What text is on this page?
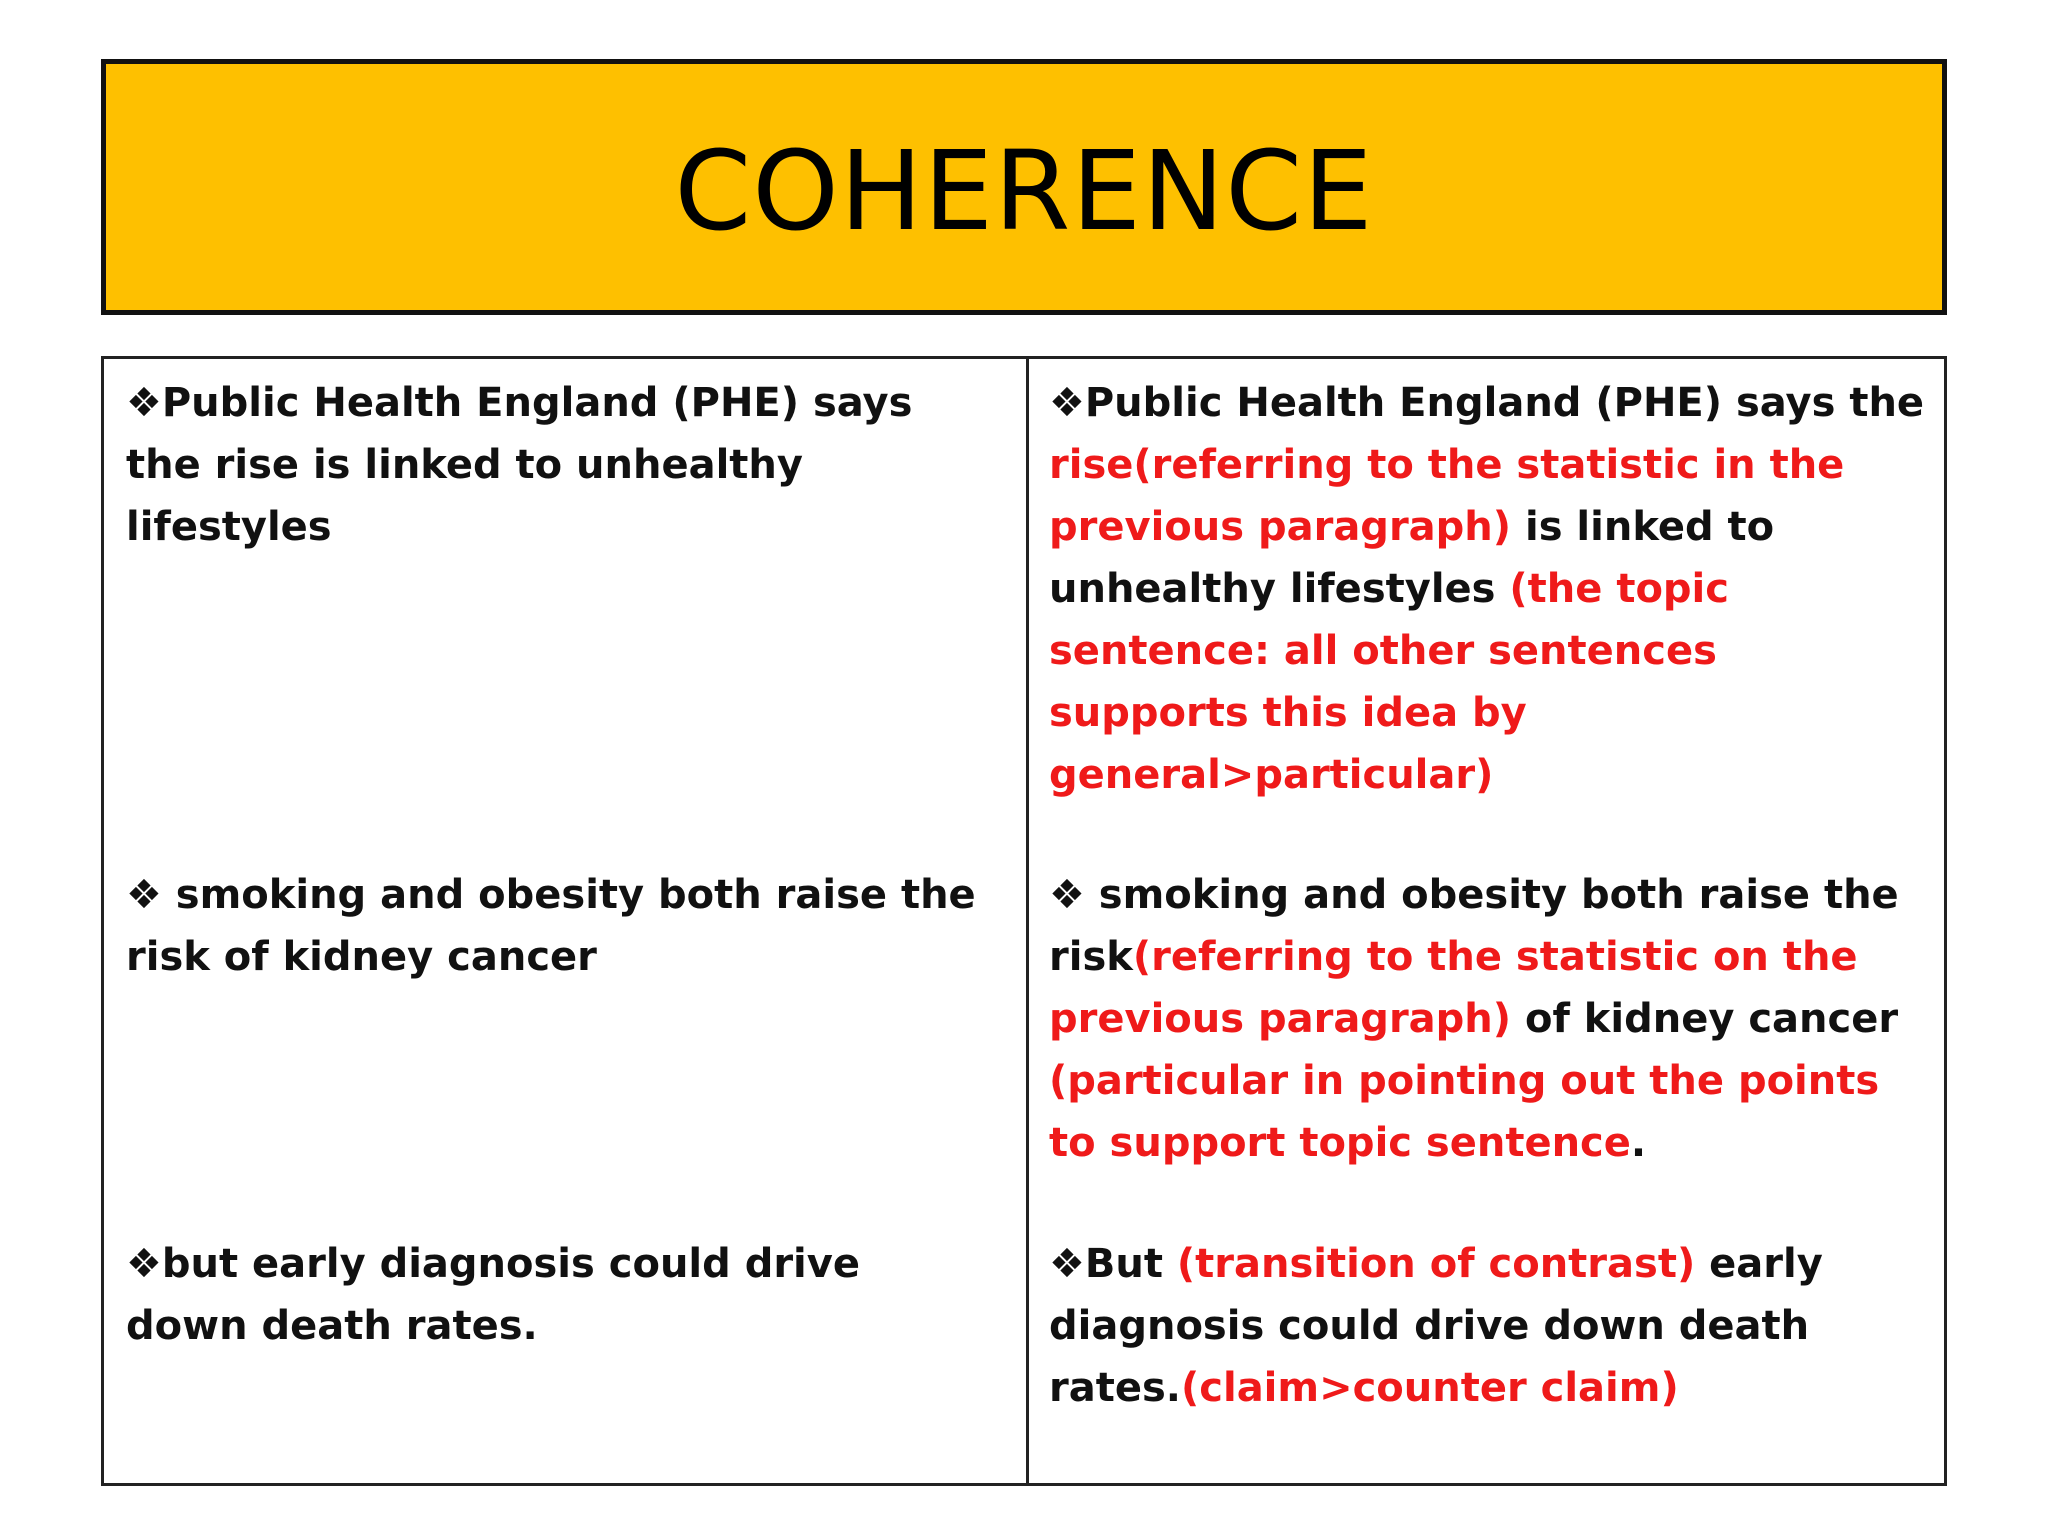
COHERENCE

❖Public Health England (PHE) says the rise is linked to unhealthy lifestyles

❖ smoking and obesity both raise the risk of kidney cancer

❖but early diagnosis could drive down death rates.

❖Public Health England (PHE) says the rise(referring to the statistic in the previous paragraph) is linked to unhealthy lifestyles (the topic sentence: all other sentences supports this idea by general>particular)

❖ smoking and obesity both raise the risk(referring to the statistic on the previous paragraph) of kidney cancer (particular in pointing out the points to support topic sentence.

❖But (transition of contrast) early diagnosis could drive down death rates.(claim>counter claim)
